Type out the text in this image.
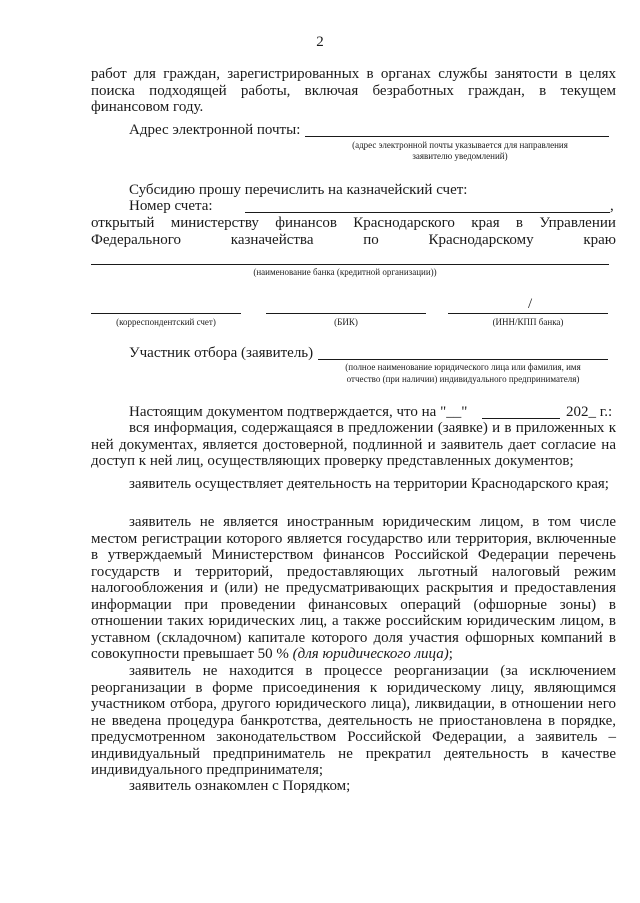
2

работ для граждан, зарегистрированных в органах службы занятости в целях поиска подходящей работы, включая безработных граждан, в текущем финансовом году.

Адрес электронной почты:
(адрес электронной почты указывается для направления
заявителю уведомлений)
Субсидию прошу перечислить на казначейский счет:
Номер счета:	,
открытый министерству финансов Краснодарского края в Управлении
Федерального	казначейства	по	Краснодарскому	краю
(наименование банка (кредитной организации))
(корреспондентский счет)	(БИК)
/
(ИНН/КПП банка)
Участник отбора (заявитель)
(полное наименование юридического лица или фамилия, имя
отчество (при наличии) индивидуального предпринимателя)
Настоящим документом подтверждается, что на "__"	202_ г.:

вся информация, содержащаяся в предложении (заявке) и в приложенных к ней документах, является достоверной, подлинной и заявитель дает согласие на доступ к ней лиц, осуществляющих проверку представленных документов;

заявитель осуществляет деятельность на территории Краснодарского края;

заявитель не является иностранным юридическим лицом, в том числе местом регистрации которого является государство или территория, включенные в утверждаемый Министерством финансов Российской Федерации перечень государств и территорий, предоставляющих льготный налоговый режим налогообложения и (или) не предусматривающих раскрытия и предоставления информации при проведении финансовых операций (офшорные зоны) в отношении таких юридических лиц, а также российским юридическим лицом, в уставном (складочном) капитале которого доля участия офшорных компаний в совокупности превышает 50 % (для юридического лица);

заявитель не находится в процессе реорганизации (за исключением реорганизации в форме присоединения к юридическому лицу, являющимся участником отбора, другого юридического лица), ликвидации, в отношении него не введена процедура банкротства, деятельность не приостановлена в порядке, предусмотренном законодательством Российской Федерации, а заявитель – индивидуальный предприниматель не прекратил деятельность в качестве индивидуального предпринимателя;

заявитель ознакомлен с Порядком;
